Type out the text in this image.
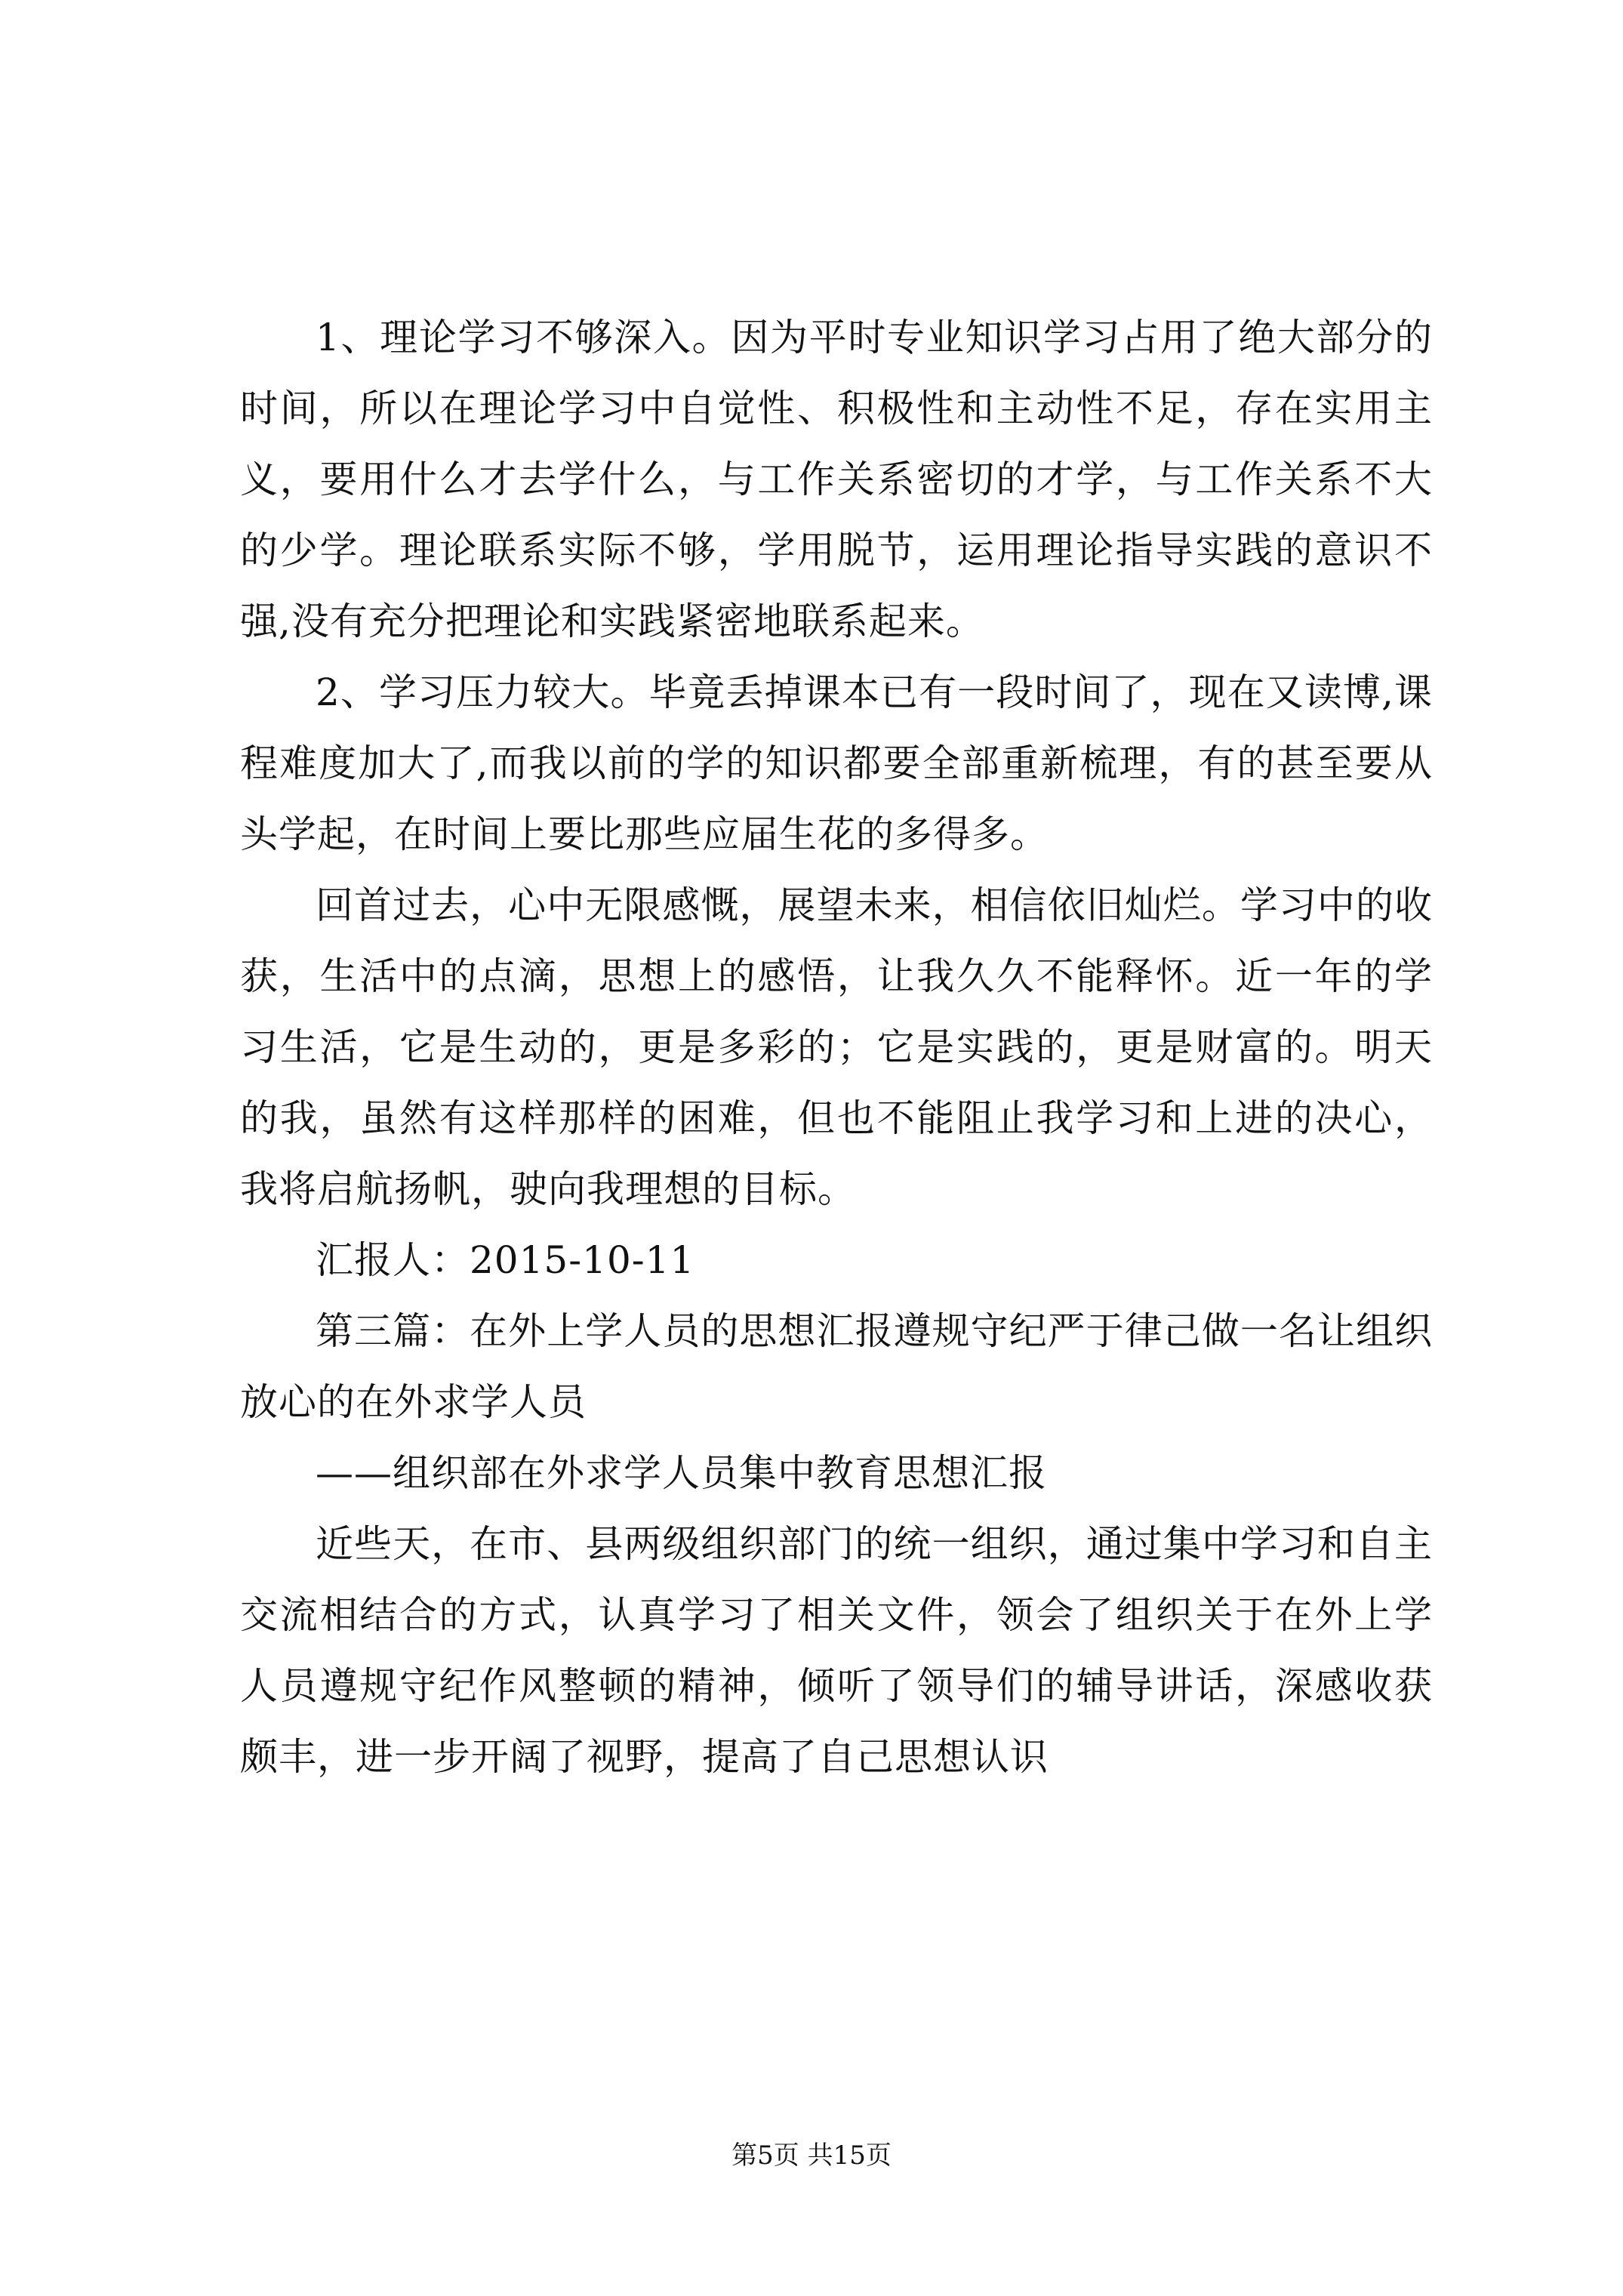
1、理论学习不够深入。因为平时专业知识学习占用了绝大部分的时间，所以在理论学习中自觉性、积极性和主动性不足，存在实用主义，要用什么才去学什么，与工作关系密切的才学，与工作关系不大的少学。理论联系实际不够，学用脱节，运用理论指导实践的意识不强,没有充分把理论和实践紧密地联系起来。

2、学习压力较大。毕竟丢掉课本已有一段时间了，现在又读博,课程难度加大了,而我以前的学的知识都要全部重新梳理，有的甚至要从头学起，在时间上要比那些应届生花的多得多。

回首过去，心中无限感慨，展望未来，相信依旧灿烂。学习中的收获，生活中的点滴，思想上的感悟，让我久久不能释怀。近一年的学习生活，它是生动的，更是多彩的；它是实践的，更是财富的。明天的我，虽然有这样那样的困难，但也不能阻止我学习和上进的决心，我将启航扬帆，驶向我理想的目标。

汇报人：2015-10-11

第三篇：在外上学人员的思想汇报遵规守纪严于律己做一名让组织放心的在外求学人员

——组织部在外求学人员集中教育思想汇报

近些天，在市、县两级组织部门的统一组织，通过集中学习和自主交流相结合的方式，认真学习了相关文件，领会了组织关于在外上学人员遵规守纪作风整顿的精神，倾听了领导们的辅导讲话，深感收获颇丰，进一步开阔了视野，提高了自己思想认识

第5页 共15页
